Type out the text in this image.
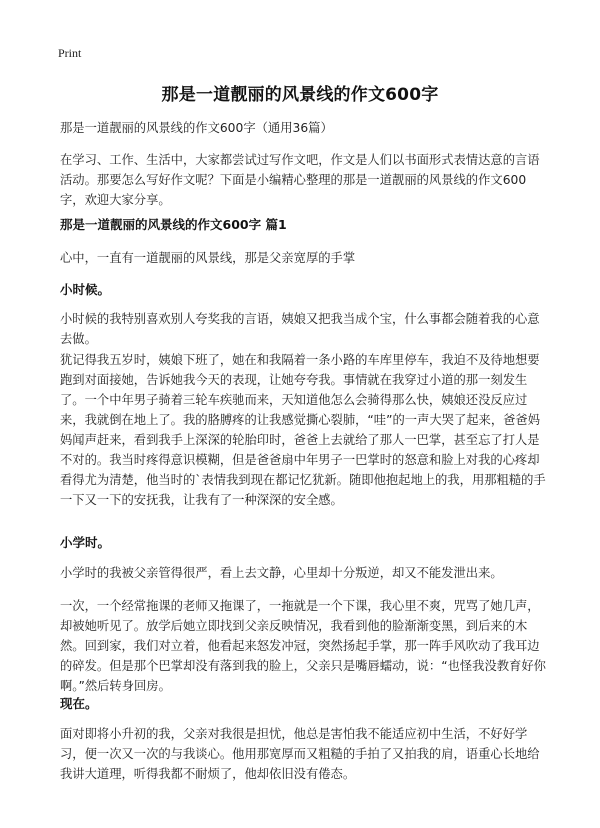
Print
那是一道靓丽的风景线的作文600字

那是一道靓丽的风景线的作文600字（通用36篇）

在学习、工作、生活中，大家都尝试过写作文吧，作文是人们以书面形式表情达意的言语活动。那要怎么写好作文呢？下面是小编精心整理的那是一道靓丽的风景线的作文600字，欢迎大家分享。

那是一道靓丽的风景线的作文600字 篇1

心中，一直有一道靓丽的风景线，那是父亲宽厚的手掌

小时候。

小时候的我特别喜欢别人夸奖我的言语，姨娘又把我当成个宝，什么事都会随着我的心意去做。

犹记得我五岁时，姨娘下班了，她在和我隔着一条小路的车库里停车，我迫不及待地想要跑到对面接她，告诉她我今天的表现，让她夸夸我。事情就在我穿过小道的那一刻发生了。一个中年男子骑着三轮车疾驰而来，天知道他怎么会骑得那么快，姨娘还没反应过来，我就倒在地上了。我的胳膊疼的让我感觉撕心裂肺，“哇”的一声大哭了起来，爸爸妈妈闻声赶来，看到我手上深深的轮胎印时，爸爸上去就给了那人一巴掌，甚至忘了打人是不对的。我当时疼得意识模糊，但是爸爸扇中年男子一巴掌时的怒意和脸上对我的心疼却看得尤为清楚，他当时的`表情我到现在都记忆犹新。随即他抱起地上的我，用那粗糙的手一下又一下的安抚我，让我有了一种深深的安全感。

小学时。

小学时的我被父亲管得很严，看上去文静，心里却十分叛逆，却又不能发泄出来。

一次，一个经常拖课的老师又拖课了，一拖就是一个下课，我心里不爽，咒骂了她几声，却被她听见了。放学后她立即找到父亲反映情况，我看到他的脸渐渐变黑，到后来的木然。回到家，我们对立着，他看起来怒发冲冠，突然扬起手掌，那一阵手风吹动了我耳边的碎发。但是那个巴掌却没有落到我的脸上，父亲只是嘴唇蠕动，说：“也怪我没教育好你啊。”然后转身回房。

现在。

面对即将小升初的我，父亲对我很是担忧，他总是害怕我不能适应初中生活，不好好学习，便一次又一次的与我谈心。他用那宽厚而又粗糙的手拍了又拍我的肩，语重心长地给我讲大道理，听得我都不耐烦了，他却依旧没有倦态。
